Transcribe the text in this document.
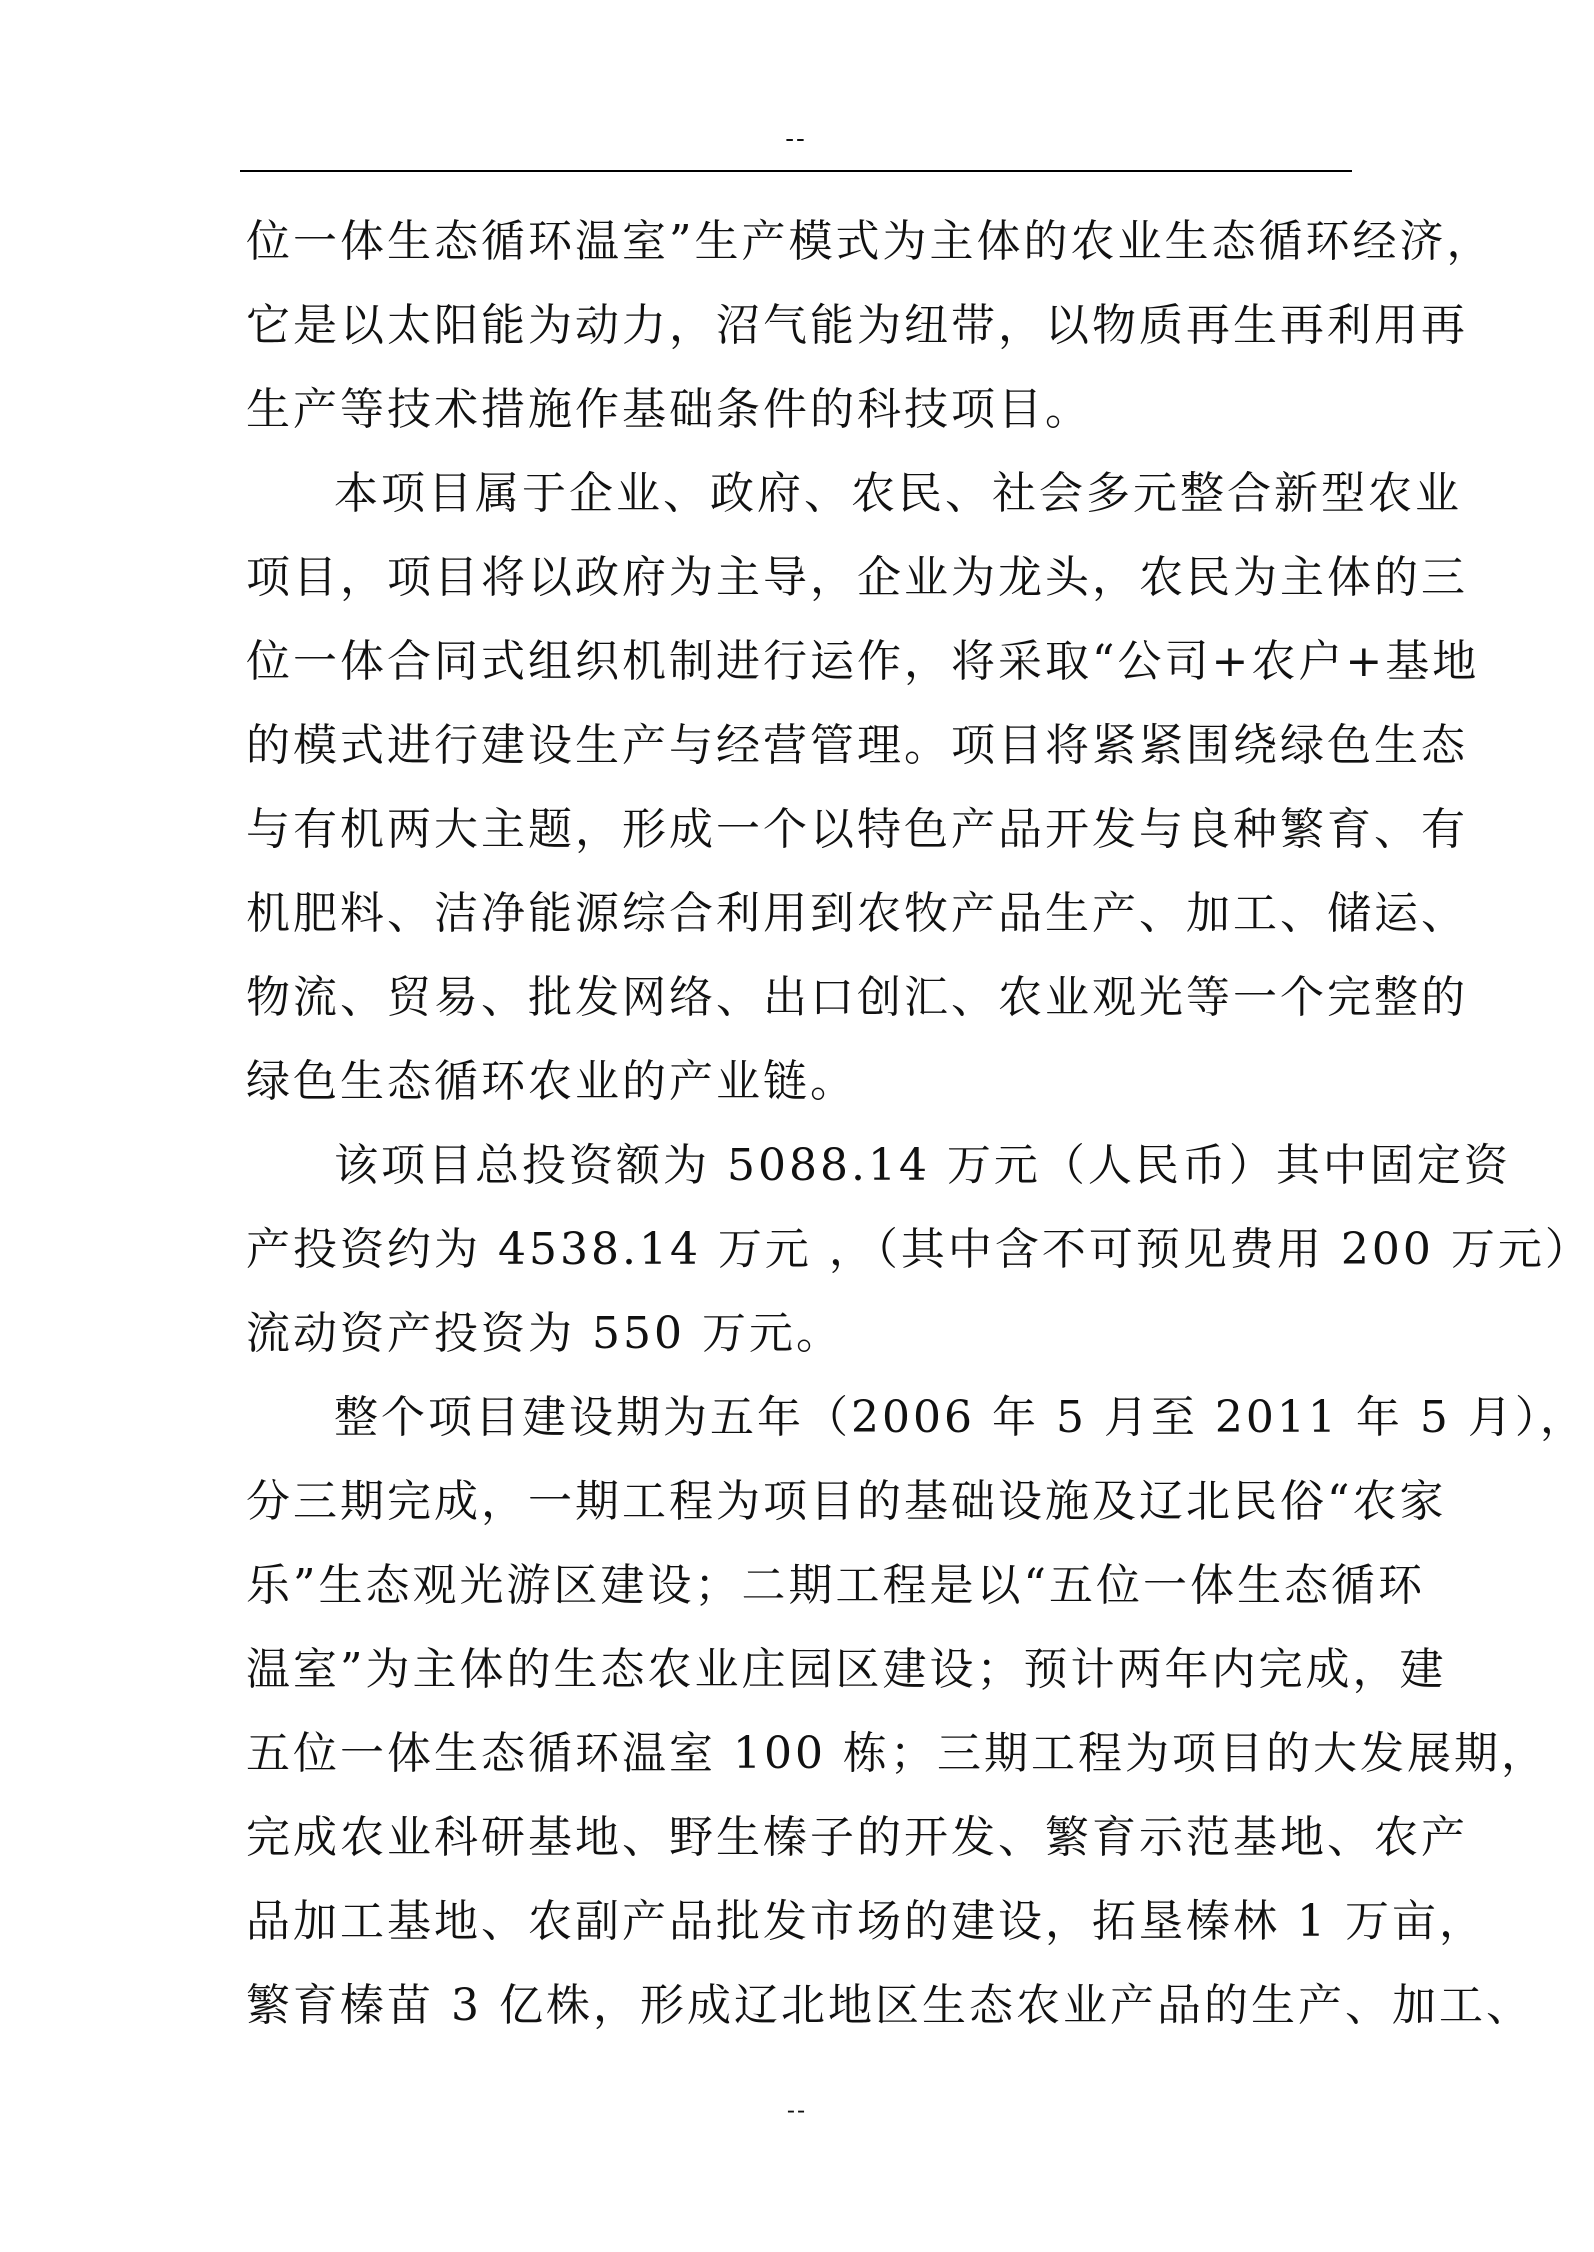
--
位一体生态循环温室”生产模式为主体的农业生态循环经济，
它是以太阳能为动力，沼气能为纽带，以物质再生再利用再
生产等技术措施作基础条件的科技项目。
本项目属于企业、政府、农民、社会多元整合新型农业
项目，项目将以政府为主导，企业为龙头，农民为主体的三
位一体合同式组织机制进行运作，将采取“公司+农户+基地
的模式进行建设生产与经营管理。项目将紧紧围绕绿色生态
与有机两大主题，形成一个以特色产品开发与良种繁育、有
机肥料、洁净能源综合利用到农牧产品生产、加工、储运、
物流、贸易、批发网络、出口创汇、农业观光等一个完整的
绿色生态循环农业的产业链。
该项目总投资额为 5088.14 万元（人民币）其中固定资
产投资约为 4538.14 万元 ，（其中含不可预见费用 200 万元）
流动资产投资为 550 万元。
整个项目建设期为五年（2006 年 5 月至 2011 年 5 月），
分三期完成，一期工程为项目的基础设施及辽北民俗“农家
乐”生态观光游区建设；二期工程是以“五位一体生态循环
温室”为主体的生态农业庄园区建设；预计两年内完成，建
五位一体生态循环温室 100 栋；三期工程为项目的大发展期，
完成农业科研基地、野生榛子的开发、繁育示范基地、农产
品加工基地、农副产品批发市场的建设，拓垦榛林 1 万亩，
繁育榛苗 3 亿株，形成辽北地区生态农业产品的生产、加工、
--
